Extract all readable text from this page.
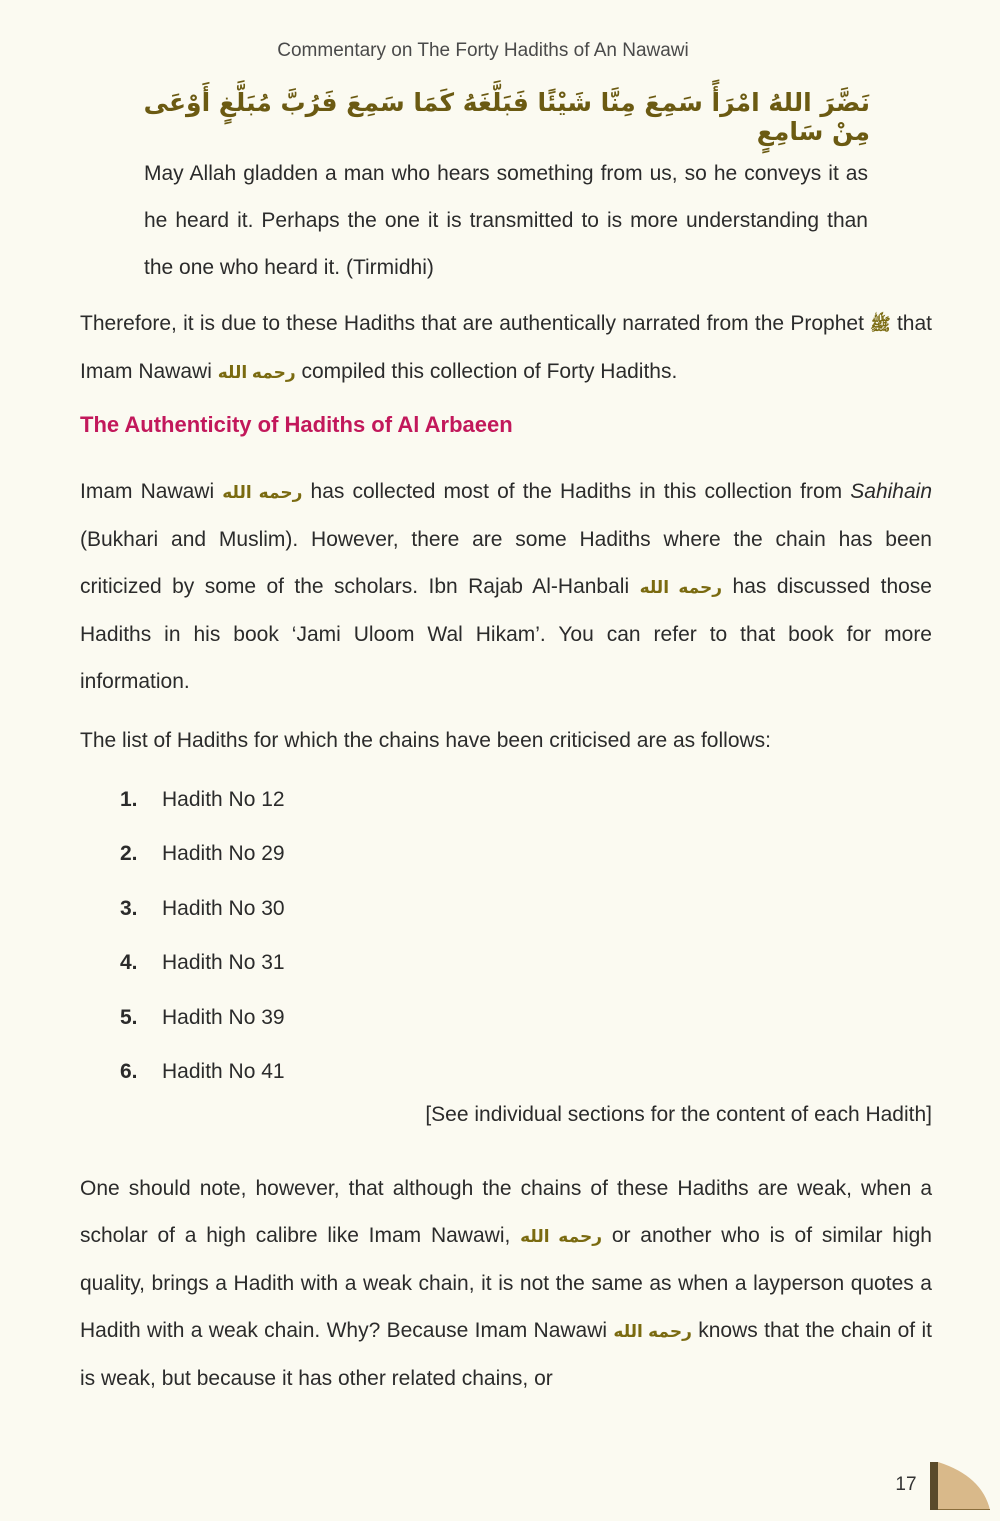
Commentary on The Forty Hadiths of An Nawawi
نَضَّرَ اللهُ امْرَأً سَمِعَ مِنَّا شَيْئًا فَبَلَّغَهُ كَمَا سَمِعَ فَرُبَّ مُبَلَّغٍ أَوْعَى مِنْ سَامِعٍ

May Allah gladden a man who hears something from us, so he conveys it as he heard it. Perhaps the one it is transmitted to is more understanding than the one who heard it. (Tirmidhi)

Therefore, it is due to these Hadiths that are authentically narrated from the Prophet ﷺ that Imam Nawawi رحمه الله compiled this collection of Forty Hadiths.

The Authenticity of Hadiths of Al Arbaeen

Imam Nawawi رحمه الله has collected most of the Hadiths in this collection from Sahihain (Bukhari and Muslim). However, there are some Hadiths where the chain has been criticized by some of the scholars. Ibn Rajab Al-Hanbali رحمه الله has discussed those Hadiths in his book ‘Jami Uloom Wal Hikam’. You can refer to that book for more information.

The list of Hadiths for which the chains have been criticised are as follows:

1. Hadith No 12
2. Hadith No 29
3. Hadith No 30
4. Hadith No 31
5. Hadith No 39
6. Hadith No 41
[See individual sections for the content of each Hadith]

One should note, however, that although the chains of these Hadiths are weak, when a scholar of a high calibre like Imam Nawawi, رحمه الله or another who is of similar high quality, brings a Hadith with a weak chain, it is not the same as when a layperson quotes a Hadith with a weak chain. Why? Because Imam Nawawi رحمه الله knows that the chain of it is weak, but because it has other related chains, or

17
